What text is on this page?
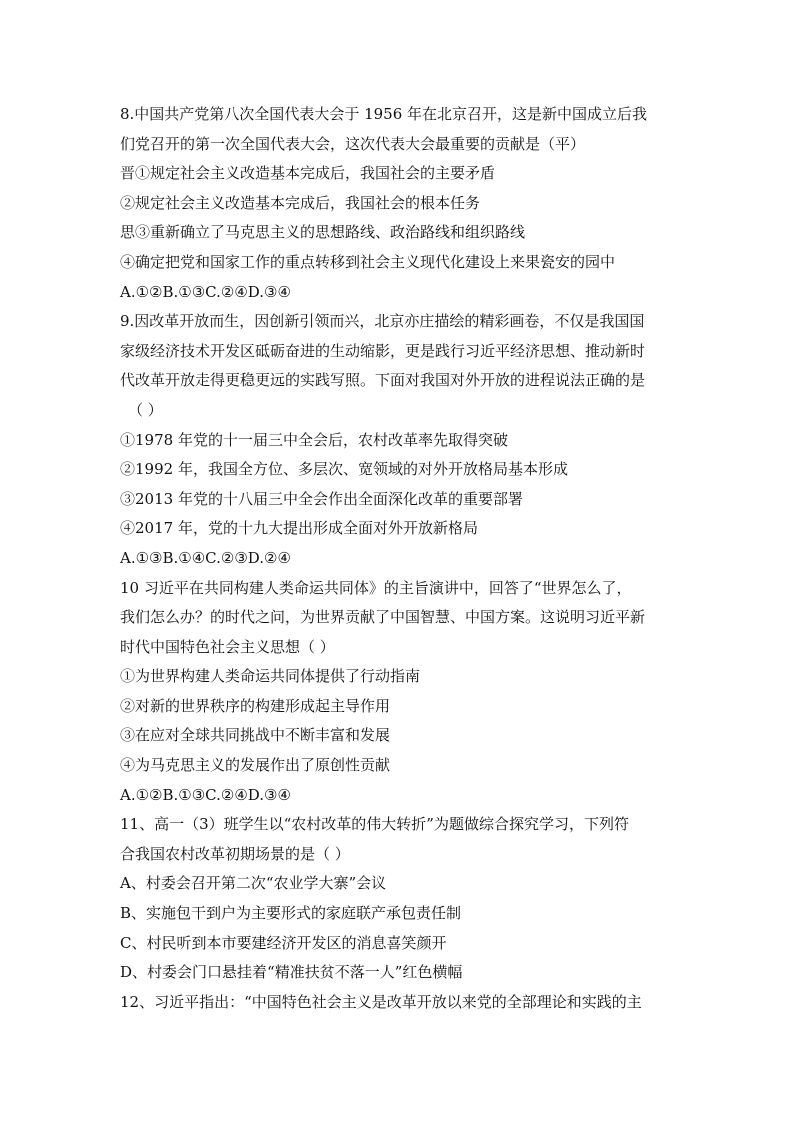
8.中国共产党第八次全国代表大会于 1956 年在北京召开，这是新中国成立后我
们党召开的第一次全国代表大会，这次代表大会最重要的贡献是（平）
晋①规定社会主义改造基本完成后，我国社会的主要矛盾
②规定社会主义改造基本完成后，我国社会的根本任务
思③重新确立了马克思主义的思想路线、政治路线和组织路线
④确定把党和国家工作的重点转移到社会主义现代化建设上来果瓷安的园中
A.①②B.①③C.②④D.③④
9.因改革开放而生，因创新引领而兴，北京亦庄描绘的精彩画卷，不仅是我国国
家级经济技术开发区砥砺奋进的生动缩影，更是践行习近平经济思想、推动新时
代改革开放走得更稳更远的实践写照。下面对我国对外开放的进程说法正确的是
（ ）
①1978 年党的十一届三中全会后，农村改革率先取得突破
②1992 年，我国全方位、多层次、宽领域的对外开放格局基本形成
③2013 年党的十八届三中全会作出全面深化改革的重要部署
④2017 年，党的十九大提出形成全面对外开放新格局
A.①③B.①④C.②③D.②④
10 习近平在共同构建人类命运共同体》的主旨演讲中，回答了“世界怎么了，
我们怎么办？的时代之问，为世界贡献了中国智慧、中国方案。这说明习近平新
时代中国特色社会主义思想（ ）
①为世界构建人类命运共同体提供了行动指南
②对新的世界秩序的构建形成起主导作用
③在应对全球共同挑战中不断丰富和发展
④为马克思主义的发展作出了原创性贡献
A.①②B.①③C.②④D.③④
11、高一（3）班学生以“农村改革的伟大转折”为题做综合探究学习，下列符
合我国农村改革初期场景的是（ ）
A、村委会召开第二次“农业学大寨”会议
B、实施包干到户为主要形式的家庭联产承包责任制
C、村民听到本市要建经济开发区的消息喜笑颜开
D、村委会门口悬挂着“精准扶贫不落一人”红色横幅
12、习近平指出：“中国特色社会主义是改革开放以来党的全部理论和实践的主
